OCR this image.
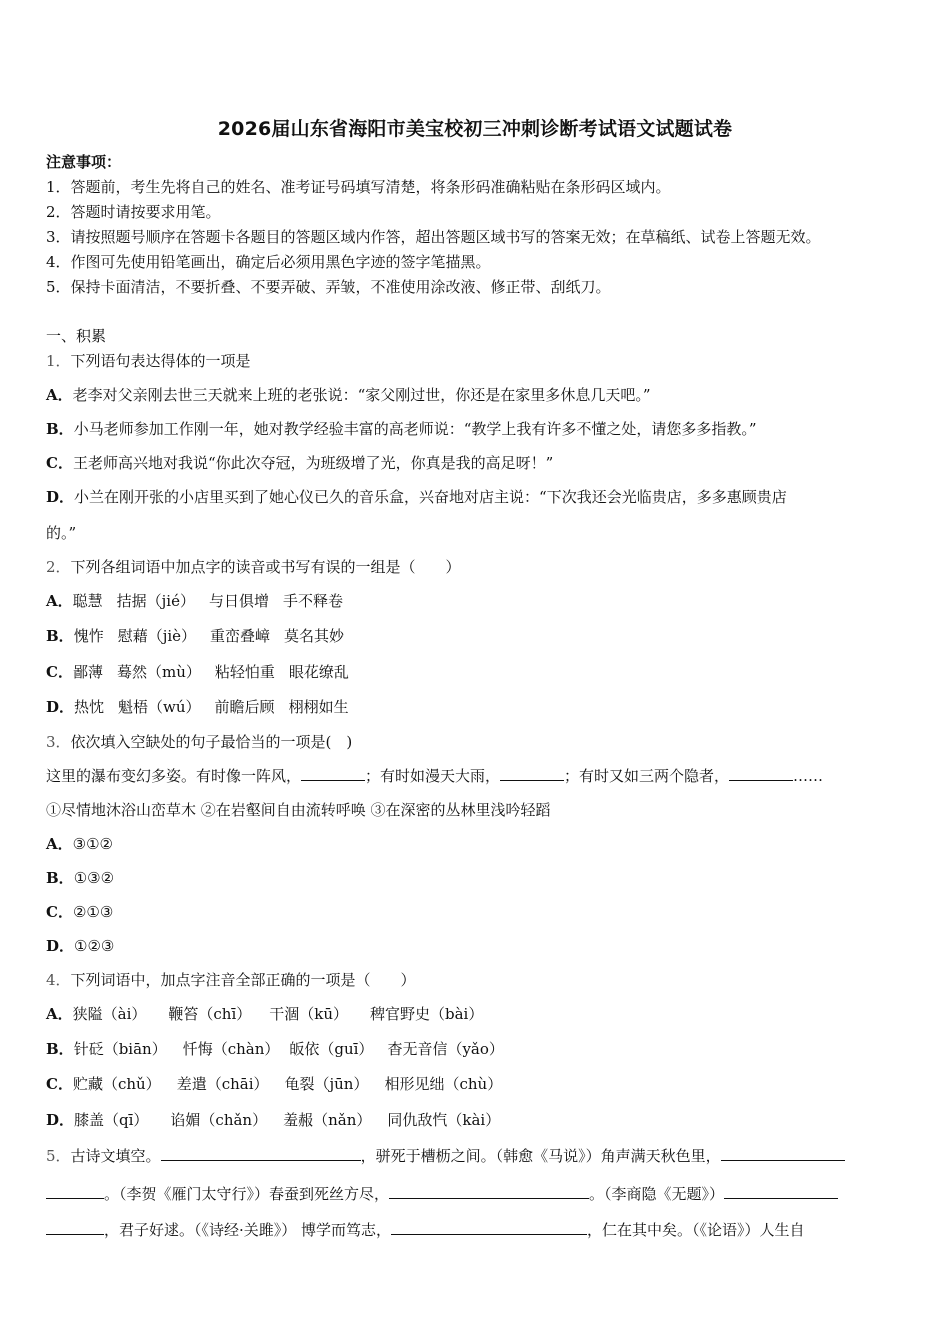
2026届山东省海阳市美宝校初三冲刺诊断考试语文试题试卷
注意事项：
1．答题前，考生先将自己的姓名、准考证号码填写清楚，将条形码准确粘贴在条形码区域内。
2．答题时请按要求用笔。
3．请按照题号顺序在答题卡各题目的答题区域内作答，超出答题区域书写的答案无效；在草稿纸、试卷上答题无效。
4．作图可先使用铅笔画出，确定后必须用黑色字迹的签字笔描黑。
5．保持卡面清洁，不要折叠、不要弄破、弄皱，不准使用涂改液、修正带、刮纸刀。
一、积累
1．下列语句表达得体的一项是
A．老李对父亲刚去世三天就来上班的老张说：“家父刚过世，你还是在家里多休息几天吧。”
B．小马老师参加工作刚一年，她对教学经验丰富的高老师说：“教学上我有许多不懂之处，请您多多指教。”
C．王老师高兴地对我说“你此次夺冠，为班级增了光，你真是我的高足呀！”
D．小兰在刚开张的小店里买到了她心仪已久的音乐盒，兴奋地对店主说：“下次我还会光临贵店，多多惠顾贵店
的。”
2．下列各组词语中加点字的读音或书写有误的一组是（　　）
A．聪慧 拮据（jié） 与日俱增 手不释卷
B．愧怍 慰藉（jiè） 重峦叠嶂 莫名其妙
C．鄙薄 蓦然（mù） 粘轻怕重 眼花缭乱
D．热忱 魁梧（wú） 前瞻后顾 栩栩如生
3．依次填入空缺处的句子最恰当的一项是(　)
这里的瀑布变幻多姿。有时像一阵风，	；有时如漫天大雨，	；有时又如三两个隐者，	……
①尽情地沐浴山峦草木 ②在岩壑间自由流转呼唤 ③在深密的丛林里浅吟轻蹈
A．③①②
B．①③②
C．②①③
D．①②③
4．下列词语中，加点字注音全部正确的一项是（　　）
A．狭隘（ài） 鞭笞（chī） 干涸（kū） 稗官野史（bài）
B．针砭（biān） 忏悔（chàn） 皈依（guī） 杳无音信（yǎo）
C．贮藏（chǔ） 差遣（chāi） 龟裂（jūn） 相形见绌（chù）
D．膝盖（qī） 谄媚（chǎn） 羞赧（nǎn） 同仇敌忾（kài）
5．古诗文填空。	，骈死于槽枥之间。（韩愈《马说》）角声满天秋色里，
。（李贺《雁门太守行》）春蚕到死丝方尽，	。（李商隐《无题》）
，君子好逑。（《诗经·关雎》） 博学而笃志，	，仁在其中矣。（《论语》）人生自
